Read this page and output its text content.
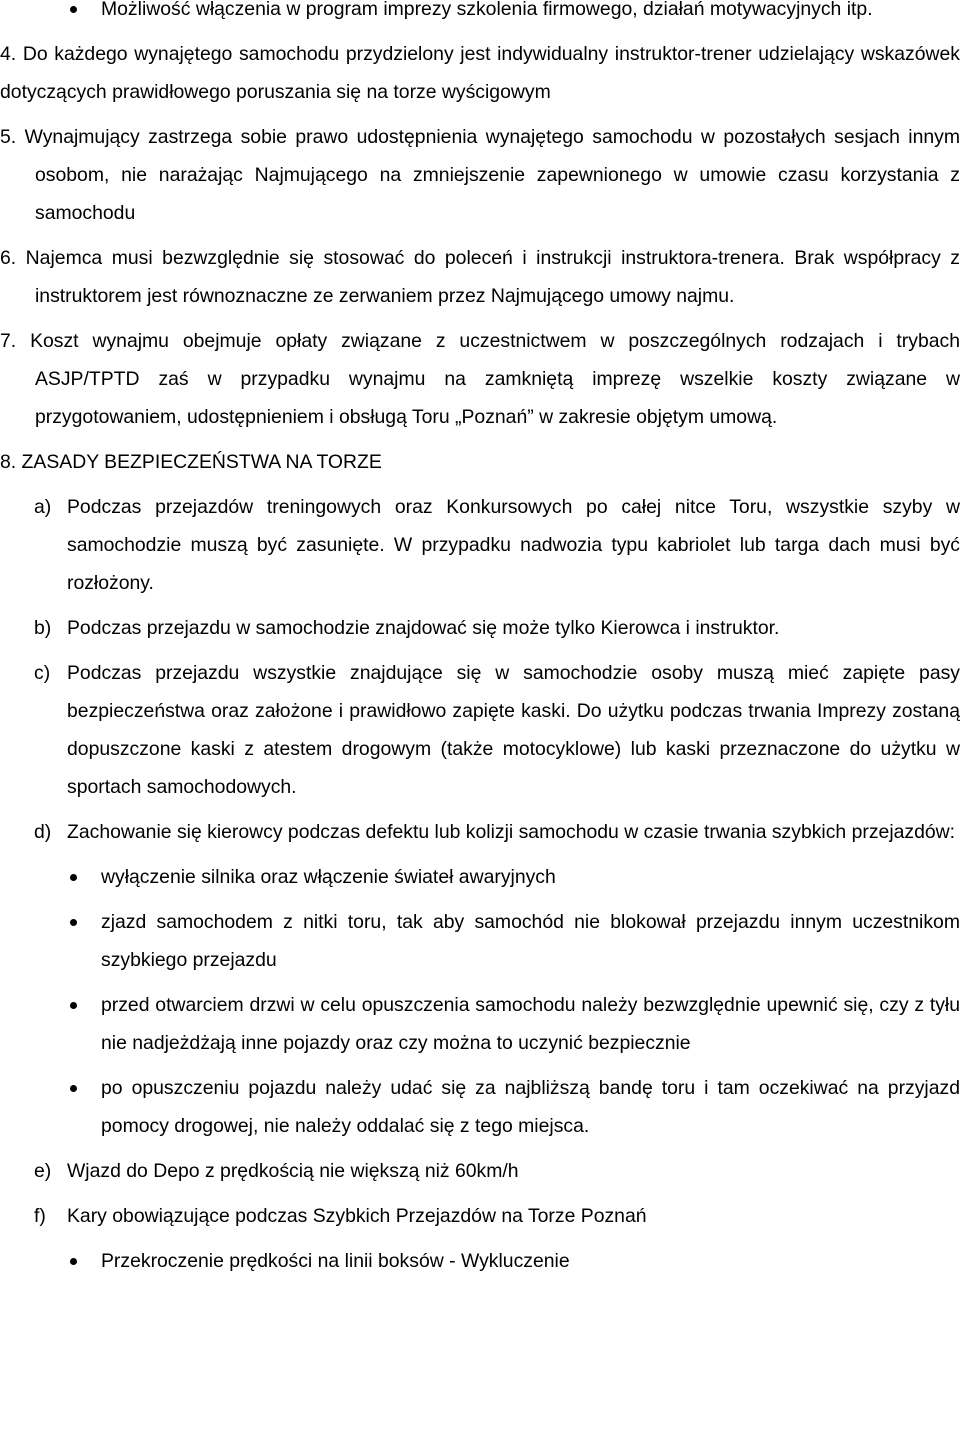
Możliwość włączenia w program imprezy szkolenia firmowego, działań motywacyjnych itp.
4. Do każdego wynajętego samochodu przydzielony jest indywidualny instruktor-trener udzielający wskazówek dotyczących prawidłowego poruszania się na torze wyścigowym
5. Wynajmujący zastrzega sobie prawo udostępnienia wynajętego samochodu w pozostałych sesjach innym osobom, nie narażając Najmującego na zmniejszenie zapewnionego w umowie czasu korzystania z samochodu
6. Najemca musi bezwzględnie się stosować do poleceń i instrukcji instruktora-trenera. Brak współpracy z instruktorem jest równoznaczne ze zerwaniem przez Najmującego umowy najmu.
7. Koszt wynajmu obejmuje opłaty związane z uczestnictwem w poszczególnych rodzajach i trybach ASJP/TPTD zaś w przypadku wynajmu na zamkniętą imprezę wszelkie koszty związane w przygotowaniem, udostępnieniem i obsługą Toru „Poznań” w zakresie objętym umową.
8. ZASADY BEZPIECZEŃSTWA NA TORZE
a) Podczas przejazdów treningowych oraz Konkursowych po całej nitce Toru, wszystkie szyby w samochodzie muszą być zasunięte. W przypadku nadwozia typu kabriolet lub targa dach musi być rozłożony.
b) Podczas przejazdu w samochodzie znajdować się może tylko Kierowca i instruktor.
c) Podczas przejazdu wszystkie znajdujące się w samochodzie osoby muszą mieć zapięte pasy bezpieczeństwa oraz założone i prawidłowo zapięte kaski. Do użytku podczas trwania Imprezy zostaną dopuszczone kaski z atestem drogowym (także motocyklowe) lub kaski przeznaczone do użytku w sportach samochodowych.
d) Zachowanie się kierowcy podczas defektu lub kolizji samochodu w czasie trwania szybkich przejazdów:
wyłączenie silnika oraz włączenie świateł awaryjnych
zjazd samochodem z nitki toru, tak aby samochód nie blokował przejazdu innym uczestnikom szybkiego przejazdu
przed otwarciem drzwi w celu opuszczenia samochodu należy bezwzględnie upewnić się, czy z tyłu nie nadjeżdżają inne pojazdy oraz czy można to uczynić bezpiecznie
po opuszczeniu pojazdu należy udać się za najbliższą bandę toru i tam oczekiwać na przyjazd pomocy drogowej, nie należy oddalać się z tego miejsca.
e) Wjazd do Depo z prędkością nie większą niż 60km/h
f) Kary obowiązujące podczas Szybkich Przejazdów na Torze Poznań
Przekroczenie prędkości na linii boksów - Wykluczenie
